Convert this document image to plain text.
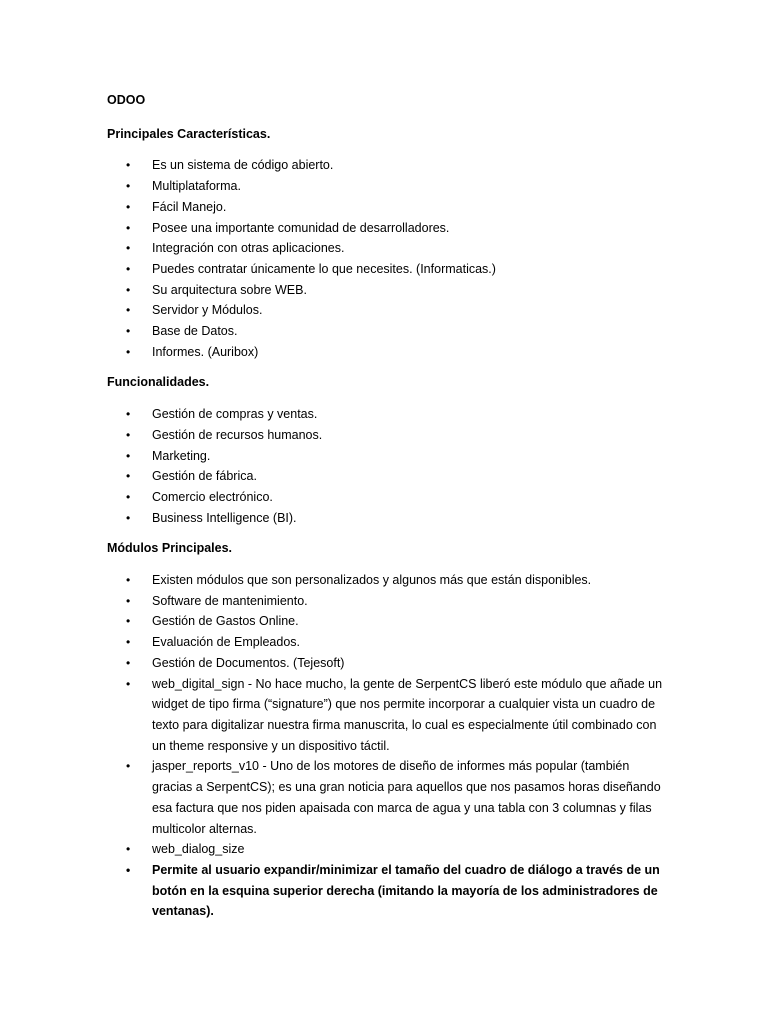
ODOO
Principales Características.
• Es un sistema de código abierto.
• Multiplataforma.
• Fácil Manejo.
• Posee una importante comunidad de desarrolladores.
• Integración con otras aplicaciones.
• Puedes contratar únicamente lo que necesites. (Informaticas.)
• Su arquitectura sobre WEB.
• Servidor y Módulos.
• Base de Datos.
• Informes. (Auribox)
Funcionalidades.
• Gestión de compras y ventas.
• Gestión de recursos humanos.
• Marketing.
• Gestión de fábrica.
• Comercio electrónico.
• Business Intelligence (BI).
Módulos Principales.
• Existen módulos que son personalizados y algunos más que están disponibles.
• Software de mantenimiento.
• Gestión de Gastos Online.
• Evaluación de Empleados.
• Gestión de Documentos. (Tejesoft)
• web_digital_sign - No hace mucho, la gente de SerpentCS liberó este módulo que añade un widget de tipo firma (“signature”) que nos permite incorporar a cualquier vista un cuadro de texto para digitalizar nuestra firma manuscrita, lo cual es especialmente útil combinado con un theme responsive y un dispositivo táctil.
• jasper_reports_v10 - Uno de los motores de diseño de informes más popular (también gracias a SerpentCS); es una gran noticia para aquellos que nos pasamos horas diseñando esa factura que nos piden apaisada con marca de agua y una tabla con 3 columnas y filas multicolor alternas.
• web_dialog_size
• Permite al usuario expandir/minimizar el tamaño del cuadro de diálogo a través de un botón en la esquina superior derecha (imitando la mayoría de los administradores de ventanas).
